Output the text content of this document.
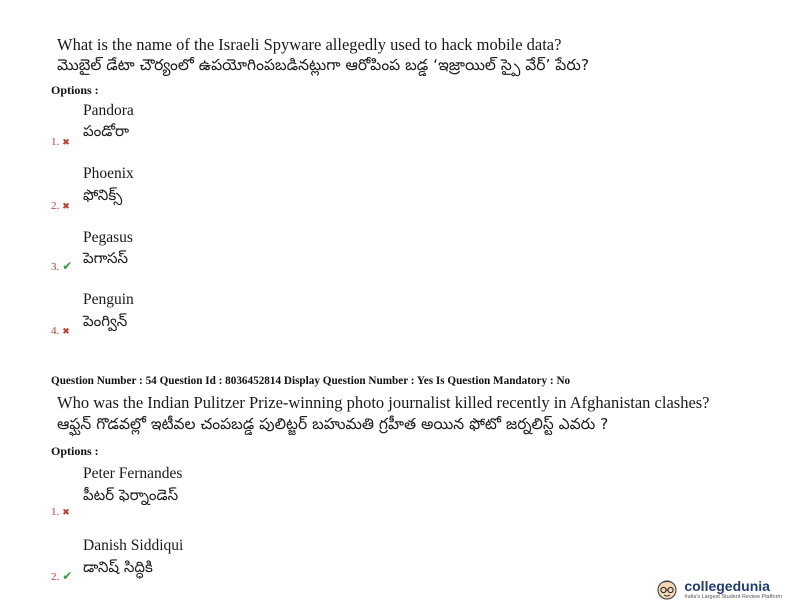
What is the name of the Israeli Spyware allegedly used to hack mobile data?
మొబైల్ డేటా చౌర్యంలో ఉపయోగింపబడినట్లుగా ఆరోపింప బడ్డ ‘ఇజ్రాయిల్ స్పై వేర్’ పేరు?
Options :
Pandora
పండోరా
1. ✖
Phoenix
ఫోనిక్స్
2. ✖
Pegasus
పెగాసస్
3. ✔
Penguin
పెంగ్విన్
4. ✖
Question Number : 54 Question Id : 8036452814 Display Question Number : Yes Is Question Mandatory : No
Who was the Indian Pulitzer Prize-winning photo journalist killed recently in Afghanistan clashes?
ఆఫ్ఘన్ గొడవల్లో ఇటీవల చంపబడ్డ పులిట్జర్ బహుమతి గ్రహీత అయిన ఫోటో జర్నలిస్ట్ ఎవరు ?
Options :
Peter Fernandes
పీటర్ ఫెర్నాండెస్
1. ✖
Danish Siddiqui
డానిష్ సిద్ధికి
2. ✔
collegedunia
India's Largest Student Review Platform
